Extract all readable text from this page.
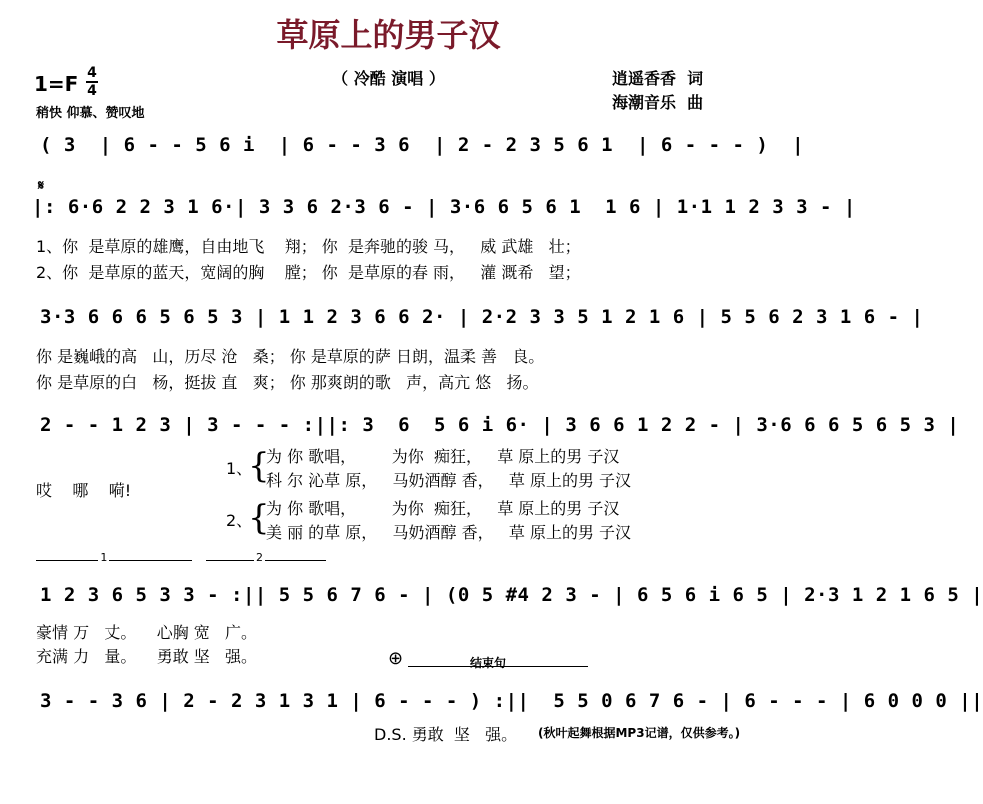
草原上的男子汉
1=F 4
4
稍快 仰慕、赞叹地
（ 冷酷 演唱 ）	逍遥香香  词
海潮音乐  曲
( 3  | 6 - - 5 6 i  | 6 - - 3 6  | 2 - 2 3 5 6 1  | 6 - - - )  |
𝄋
|: 6·6 2 2 3 1 6·| 3 3 6 2·3 6 - | 3·6 6 5 6 1  1 6 | 1·1 1 2 3 3 - |
1、你  是草原的雄鹰，自由地飞    翔； 你  是奔驰的骏 马，   威 武雄   壮；
2、你  是草原的蓝天，宽阔的胸    膛； 你  是草原的春 雨，   灌 溉希   望；
3·3 6 6 6 5 6 5 3 | 1 1 2 3 6 6 2· | 2·2 3 3 5 1 2 1 6 | 5 5 6 2 3 1 6 - |
你 是巍峨的高   山，历尽 沧   桑； 你 是草原的萨 日朗，温柔 善   良。
你 是草原的白   杨，挺拔 直   爽； 你 那爽朗的歌   声，高亢 悠   扬。
2 - - 1 2 3 | 3 - - - :||: 3  6  5 6 i 6· | 3 6 6 1 2 2 - | 3·6 6 6 5 6 5 3 |
哎    哪    嗬!
1、
{
为 你 歌唱，       为你  痴狂，   草 原上的男 子汉
科 尔 沁草 原，   马奶酒醇 香，   草 原上的男 子汉
2、
{
为 你 歌唱，       为你  痴狂，   草 原上的男 子汉
美 丽 的草 原，   马奶酒醇 香，   草 原上的男 子汉
1	2
1 2 3 6 5 3 3 - :|| 5 5 6 7 6 - | (0 5 #4 2 3 - | 6 5 6 i 6 5 | 2·3 1 2 1 6 5 |
豪情 万   丈。    心胸 宽   广。
充满 力   量。    勇敢 坚   强。	⊕	结束句
3 - - 3 6 | 2 - 2 3 1 3 1 | 6 - - - ) :||  5 5 0 6 7 6 - | 6 - - - | 6 0 0 0 ||
D.S. 勇敢  坚   强。 (秋叶起舞根据MP3记谱，仅供参考。)
